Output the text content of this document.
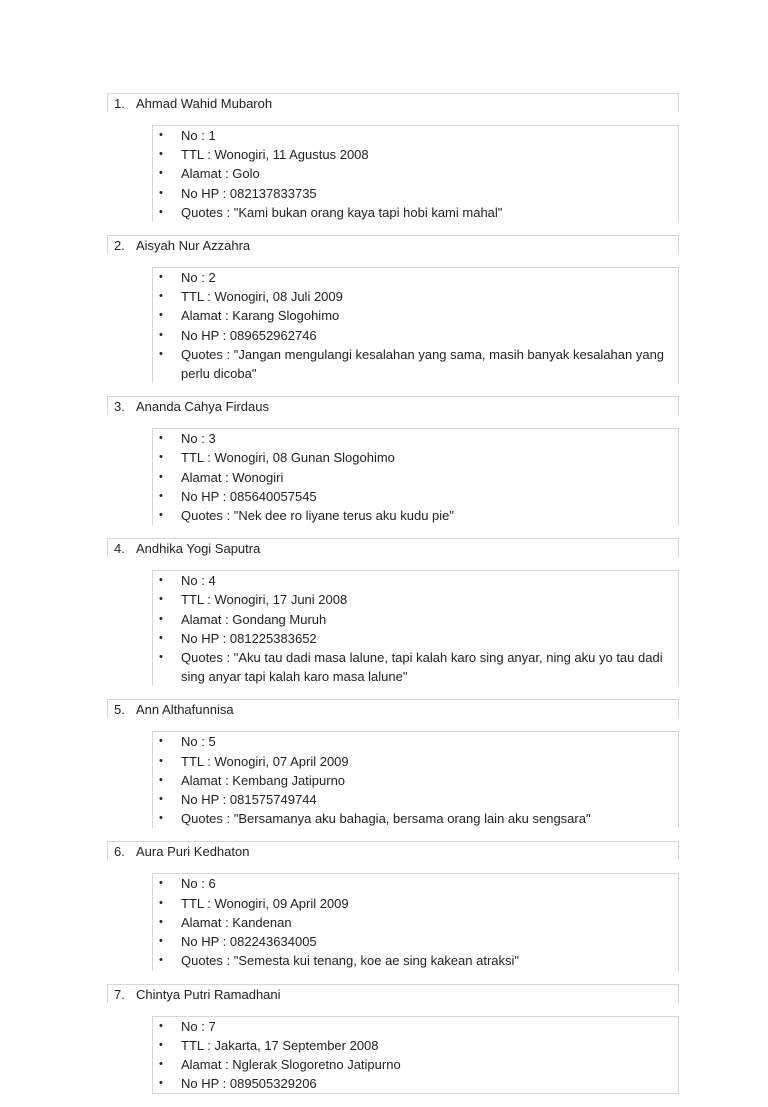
1. Ahmad Wahid Mubaroh
• No : 1
• TTL : Wonogiri, 11 Agustus 2008
• Alamat : Golo
• No HP : 082137833735
• Quotes : "Kami bukan orang kaya tapi hobi kami mahal"
2. Aisyah Nur Azzahra
• No : 2
• TTL : Wonogiri, 08 Juli 2009
• Alamat : Karang Slogohimo
• No HP : 089652962746
• Quotes : "Jangan mengulangi kesalahan yang sama, masih banyak kesalahan yang perlu dicoba"
3. Ananda Cahya Firdaus
• No : 3
• TTL : Wonogiri, 08 Gunan Slogohimo
• Alamat : Wonogiri
• No HP : 085640057545
• Quotes : "Nek dee ro liyane terus aku kudu pie"
4. Andhika Yogi Saputra
• No : 4
• TTL : Wonogiri, 17 Juni 2008
• Alamat : Gondang Muruh
• No HP : 081225383652
• Quotes : "Aku tau dadi masa lalune, tapi kalah karo sing anyar, ning aku yo tau dadi sing anyar tapi kalah karo masa lalune"
5. Ann Althafunnisa
• No : 5
• TTL : Wonogiri, 07 April 2009
• Alamat : Kembang Jatipurno
• No HP : 081575749744
• Quotes : "Bersamanya aku bahagia, bersama orang lain aku sengsara"
6. Aura Puri Kedhaton
• No : 6
• TTL : Wonogiri, 09 April 2009
• Alamat : Kandenan
• No HP : 082243634005
• Quotes : "Semesta kui tenang, koe ae sing kakean atraksi"
7. Chintya Putri Ramadhani
• No : 7
• TTL : Jakarta, 17 September 2008
• Alamat : Nglerak Slogoretno Jatipurno
• No HP : 089505329206
